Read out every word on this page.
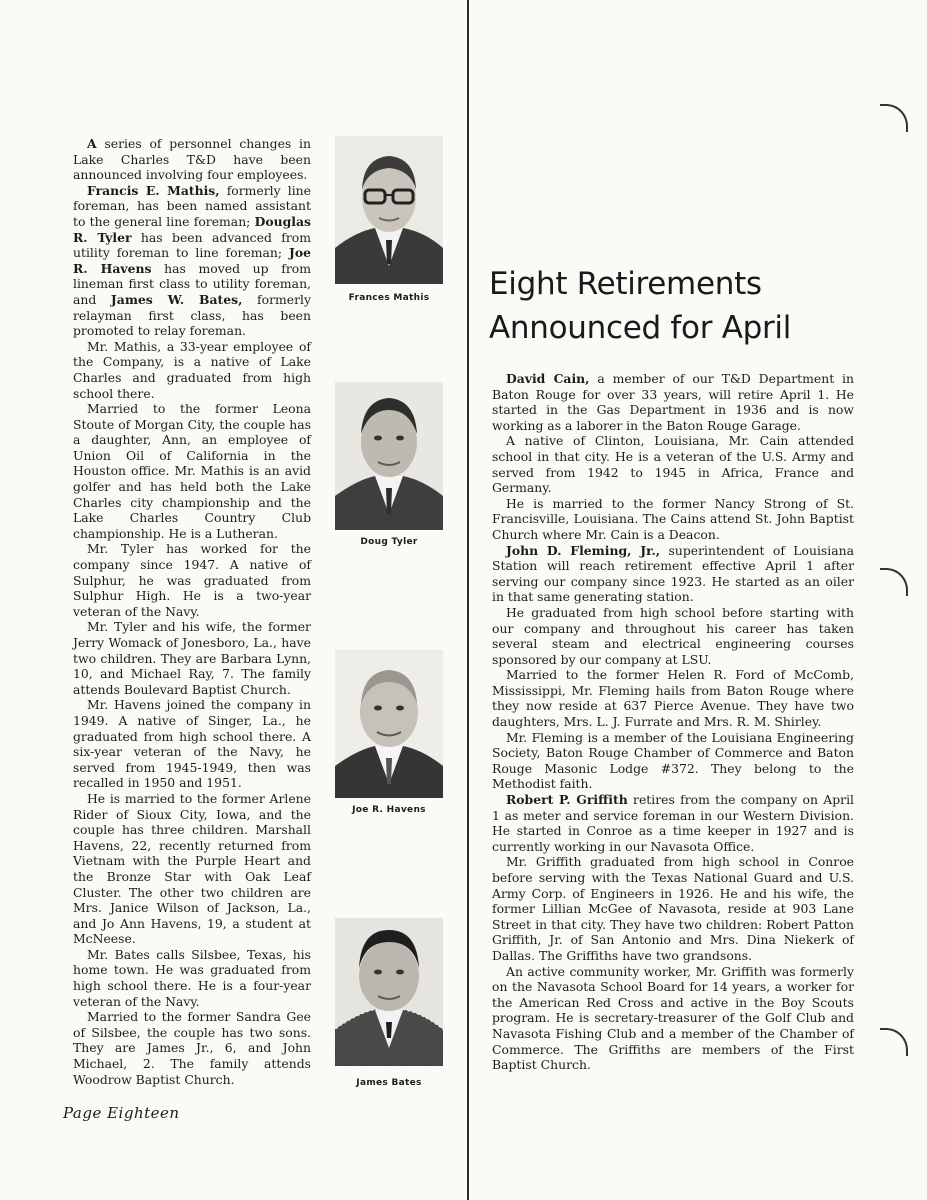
A series of personnel changes in Lake Charles T&D have been announced involving four employees.
Francis E. Mathis, formerly line foreman, has been named assistant to the general line foreman; Douglas R. Tyler has been advanced from utility foreman to line foreman; Joe R. Havens has moved up from lineman first class to utility foreman, and James W. Bates, formerly relayman first class, has been promoted to relay foreman.

Mr. Mathis, a 33-year employee of the Company, is a native of Lake Charles and graduated from high school there.

Married to the former Leona Stoute of Morgan City, the couple has a daughter, Ann, an employee of Union Oil of California in the Houston office. Mr. Mathis is an avid golfer and has held both the Lake Charles city championship and the Lake Charles Country Club championship. He is a Lutheran.

Mr. Tyler has worked for the company since 1947. A native of Sulphur, he was graduated from Sulphur High. He is a two-year veteran of the Navy.

Mr. Tyler and his wife, the former Jerry Womack of Jonesboro, La., have two children. They are Barbara Lynn, 10, and Michael Ray, 7. The family attends Boulevard Baptist Church.

Mr. Havens joined the company in 1949. A native of Singer, La., he graduated from high school there. A six-year veteran of the Navy, he served from 1945-1949, then was recalled in 1950 and 1951.

He is married to the former Arlene Rider of Sioux City, Iowa, and the couple has three children. Marshall Havens, 22, recently returned from Vietnam with the Purple Heart and the Bronze Star with Oak Leaf Cluster. The other two children are Mrs. Janice Wilson of Jackson, La., and Jo Ann Havens, 19, a student at McNeese.

Mr. Bates calls Silsbee, Texas, his home town. He was graduated from high school there. He is a four-year veteran of the Navy.

Married to the former Sandra Gee of Silsbee, the couple has two sons. They are James Jr., 6, and John Michael, 2. The family attends Woodrow Baptist Church.

Frances Mathis
Doug Tyler
Joe R. Havens
James Bates
Eight Retirements
Announced for April

David Cain, a member of our T&D Department in Baton Rouge for over 33 years, will retire April 1. He started in the Gas Department in 1936 and is now working as a laborer in the Baton Rouge Garage.

A native of Clinton, Louisiana, Mr. Cain attended school in that city. He is a veteran of the U.S. Army and served from 1942 to 1945 in Africa, France and Germany.

He is married to the former Nancy Strong of St. Francisville, Louisiana. The Cains attend St. John Baptist Church where Mr. Cain is a Deacon.

John D. Fleming, Jr., superintendent of Louisiana Station will reach retirement effective April 1 after serving our company since 1923. He started as an oiler in that same generating station.

He graduated from high school before starting with our company and throughout his career has taken several steam and electrical engineering courses sponsored by our company at LSU.

Married to the former Helen R. Ford of McComb, Mississippi, Mr. Fleming hails from Baton Rouge where they now reside at 637 Pierce Avenue. They have two daughters, Mrs. L. J. Furrate and Mrs. R. M. Shirley.

Mr. Fleming is a member of the Louisiana Engineering Society, Baton Rouge Chamber of Commerce and Baton Rouge Masonic Lodge #372. They belong to the Methodist faith.

Robert P. Griffith retires from the company on April 1 as meter and service foreman in our Western Division. He started in Conroe as a time keeper in 1927 and is currently working in our Navasota Office.

Mr. Griffith graduated from high school in Conroe before serving with the Texas National Guard and U.S. Army Corp. of Engineers in 1926. He and his wife, the former Lillian McGee of Navasota, reside at 903 Lane Street in that city. They have two children: Robert Patton Griffith, Jr. of San Antonio and Mrs. Dina Niekerk of Dallas. The Griffiths have two grandsons.

An active community worker, Mr. Griffith was formerly on the Navasota School Board for 14 years, a worker for the American Red Cross and active in the Boy Scouts program. He is secretary-treasurer of the Golf Club and Navasota Fishing Club and a member of the Chamber of Commerce. The Griffiths are members of the First Baptist Church.

Page Eighteen
